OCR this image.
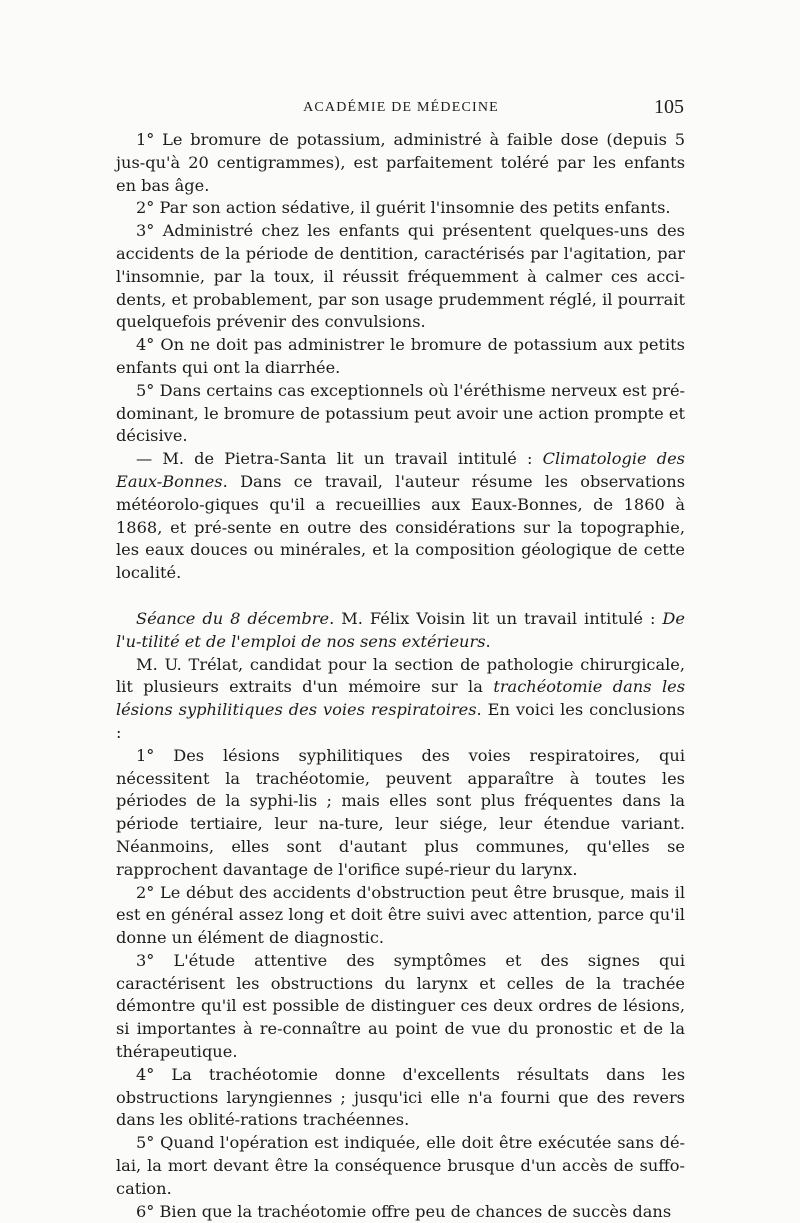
ACADÉMIE DE MÉDECINE	105

1° Le bromure de potassium, administré à faible dose (depuis 5 jus-qu'à 20 centigrammes), est parfaitement toléré par les enfants en bas âge.

2° Par son action sédative, il guérit l'insomnie des petits enfants.

3° Administré chez les enfants qui présentent quelques-uns des accidents de la période de dentition, caractérisés par l'agitation, par l'insomnie, par la toux, il réussit fréquemment à calmer ces acci-dents, et probablement, par son usage prudemment réglé, il pourrait quelquefois prévenir des convulsions.

4° On ne doit pas administrer le bromure de potassium aux petits enfants qui ont la diarrhée.

5° Dans certains cas exceptionnels où l'éréthisme nerveux est pré-dominant, le bromure de potassium peut avoir une action prompte et décisive.

— M. de Pietra-Santa lit un travail intitulé : Climatologie des Eaux-Bonnes. Dans ce travail, l'auteur résume les observations météorolo-giques qu'il a recueillies aux Eaux-Bonnes, de 1860 à 1868, et pré-sente en outre des considérations sur la topographie, les eaux douces ou minérales, et la composition géologique de cette localité.

Séance du 8 décembre. M. Félix Voisin lit un travail intitulé : De l'u-tilité et de l'emploi de nos sens extérieurs.

M. U. Trélat, candidat pour la section de pathologie chirurgicale, lit plusieurs extraits d'un mémoire sur la trachéotomie dans les lésions syphilitiques des voies respiratoires. En voici les conclusions :

1° Des lésions syphilitiques des voies respiratoires, qui nécessitent la trachéotomie, peuvent apparaître à toutes les périodes de la syphi-lis ; mais elles sont plus fréquentes dans la période tertiaire, leur na-ture, leur siége, leur étendue variant. Néanmoins, elles sont d'autant plus communes, qu'elles se rapprochent davantage de l'orifice supé-rieur du larynx.

2° Le début des accidents d'obstruction peut être brusque, mais il est en général assez long et doit être suivi avec attention, parce qu'il donne un élément de diagnostic.

3° L'étude attentive des symptômes et des signes qui caractérisent les obstructions du larynx et celles de la trachée démontre qu'il est possible de distinguer ces deux ordres de lésions, si importantes à re-connaître au point de vue du pronostic et de la thérapeutique.

4° La trachéotomie donne d'excellents résultats dans les obstructions laryngiennes ; jusqu'ici elle n'a fourni que des revers dans les oblité-rations trachéennes.

5° Quand l'opération est indiquée, elle doit être exécutée sans dé-lai, la mort devant être la conséquence brusque d'un accès de suffo-cation.

6° Bien que la trachéotomie offre peu de chances de succès dans
